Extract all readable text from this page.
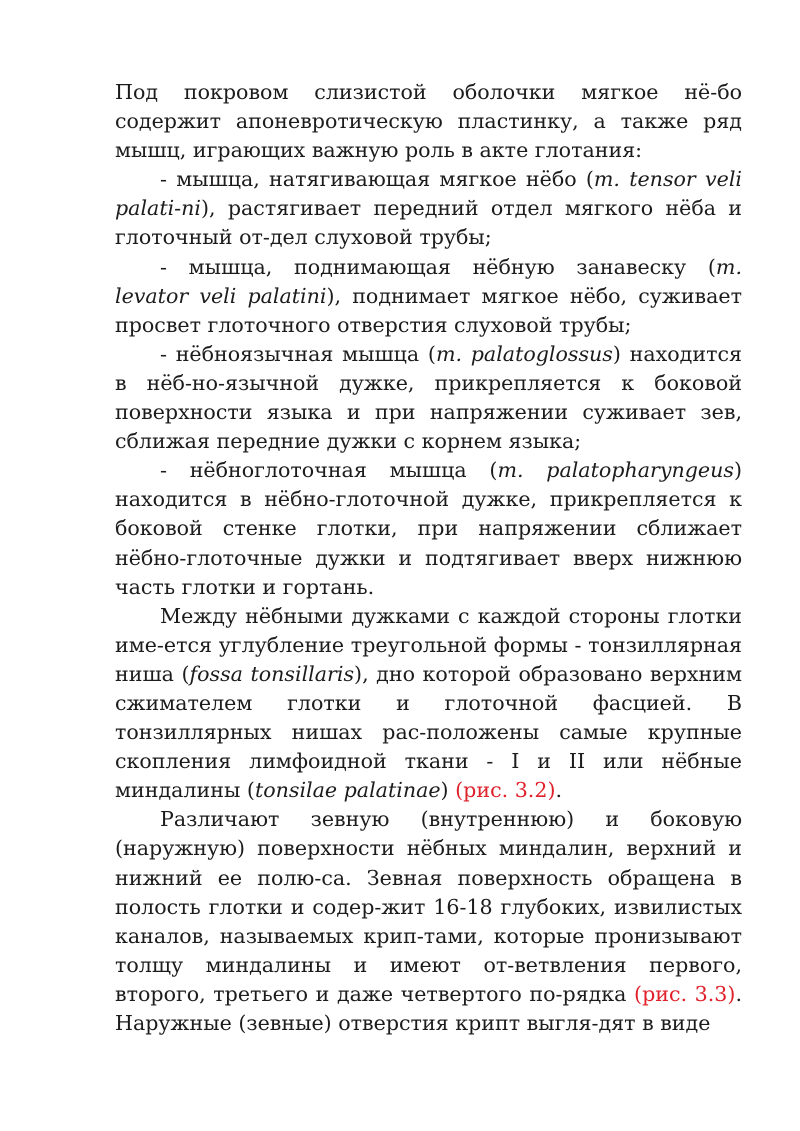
Под покровом слизистой оболочки мягкое нё-бо содержит апоневротическую пластинку, а также ряд мышц, играющих важную роль в акте глотания:

- мышца, натягивающая мягкое нёбо (m. tensor veli palati-ni), растягивает передний отдел мягкого нёба и глоточный от-дел слуховой трубы;

- мышца, поднимающая нёбную занавеску (m. levator veli palatini), поднимает мягкое нёбо, суживает просвет глоточного отверстия слуховой трубы;

- нёбноязычная мышца (m. palatoglossus) находится в нёб-но-язычной дужке, прикрепляется к боковой поверхности языка и при напряжении суживает зев, сближая передние дужки с корнем языка;

- нёбноглоточная мышца (m. palatopharyngeus) находится в нёбно-глоточной дужке, прикрепляется к боковой стенке глотки, при напряжении сближает нёбно-глоточные дужки и подтягивает вверх нижнюю часть глотки и гортань.

Между нёбными дужками с каждой стороны глотки име-ется углубление треугольной формы - тонзиллярная ниша (fossa tonsillaris), дно которой образовано верхним сжимателем глотки и глоточной фасцией. В тонзиллярных нишах рас-положены самые крупные скопления лимфоидной ткани - I и II или нёбные миндалины (tonsilae palatinae) (рис. 3.2).

Различают зевную (внутреннюю) и боковую (наружную) поверхности нёбных миндалин, верхний и нижний ее полю-са. Зевная поверхность обращена в полость глотки и содер-жит 16-18 глубоких, извилистых каналов, называемых крип-тами, которые пронизывают толщу миндалины и имеют от-ветвления первого, второго, третьего и даже четвертого по-рядка (рис. 3.3). Наружные (зевные) отверстия крипт выгля-дят в виде
